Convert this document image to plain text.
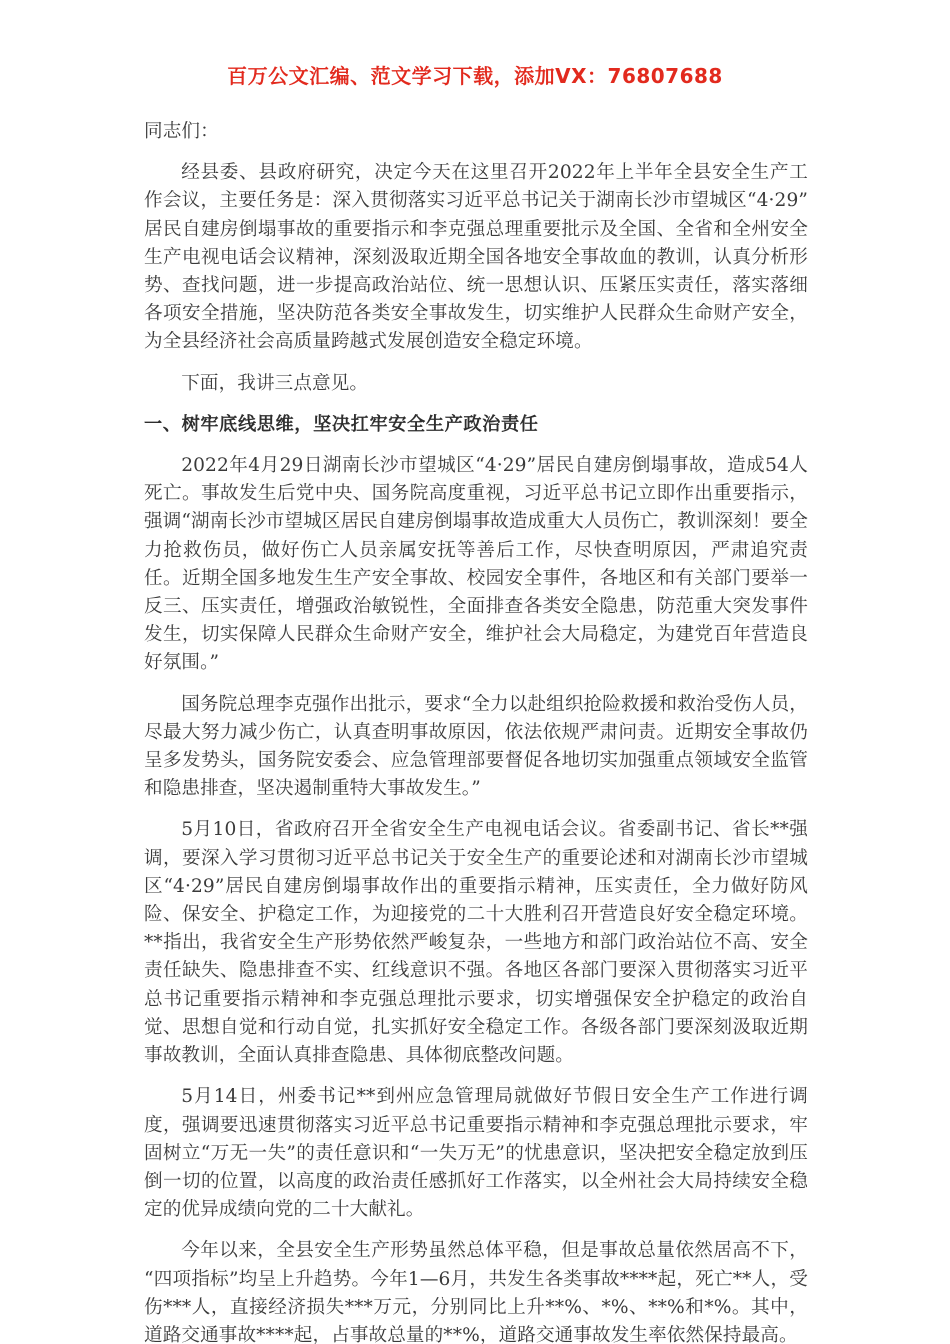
百万公文汇编、范文学习下载，添加VX：76807688

同志们：

经县委、县政府研究，决定今天在这里召开2022年上半年全县安全生产工作会议，主要任务是：深入贯彻落实习近平总书记关于湖南长沙市望城区“4·29”居民自建房倒塌事故的重要指示和李克强总理重要批示及全国、全省和全州安全生产电视电话会议精神，深刻汲取近期全国各地安全事故血的教训，认真分析形势、查找问题，进一步提高政治站位、统一思想认识、压紧压实责任，落实落细各项安全措施，坚决防范各类安全事故发生，切实维护人民群众生命财产安全，为全县经济社会高质量跨越式发展创造安全稳定环境。

下面，我讲三点意见。

一、树牢底线思维，坚决扛牢安全生产政治责任

2022年4月29日湖南长沙市望城区“4·29”居民自建房倒塌事故，造成54人死亡。事故发生后党中央、国务院高度重视，习近平总书记立即作出重要指示，强调“湖南长沙市望城区居民自建房倒塌事故造成重大人员伤亡，教训深刻！要全力抢救伤员，做好伤亡人员亲属安抚等善后工作，尽快查明原因，严肃追究责任。近期全国多地发生生产安全事故、校园安全事件，各地区和有关部门要举一反三、压实责任，增强政治敏锐性，全面排查各类安全隐患，防范重大突发事件发生，切实保障人民群众生命财产安全，维护社会大局稳定，为建党百年营造良好氛围。”

国务院总理李克强作出批示，要求“全力以赴组织抢险救援和救治受伤人员，尽最大努力减少伤亡，认真查明事故原因，依法依规严肃问责。近期安全事故仍呈多发势头，国务院安委会、应急管理部要督促各地切实加强重点领域安全监管和隐患排查，坚决遏制重特大事故发生。”

5月10日，省政府召开全省安全生产电视电话会议。省委副书记、省长**强调，要深入学习贯彻习近平总书记关于安全生产的重要论述和对湖南长沙市望城区“4·29”居民自建房倒塌事故作出的重要指示精神，压实责任，全力做好防风险、保安全、护稳定工作，为迎接党的二十大胜利召开营造良好安全稳定环境。**指出，我省安全生产形势依然严峻复杂，一些地方和部门政治站位不高、安全责任缺失、隐患排查不实、红线意识不强。各地区各部门要深入贯彻落实习近平总书记重要指示精神和李克强总理批示要求，切实增强保安全护稳定的政治自觉、思想自觉和行动自觉，扎实抓好安全稳定工作。各级各部门要深刻汲取近期事故教训，全面认真排查隐患、具体彻底整改问题。

5月14日，州委书记**到州应急管理局就做好节假日安全生产工作进行调度，强调要迅速贯彻落实习近平总书记重要指示精神和李克强总理批示要求，牢固树立“万无一失”的责任意识和“一失万无”的忧患意识，坚决把安全稳定放到压倒一切的位置，以高度的政治责任感抓好工作落实，以全州社会大局持续安全稳定的优异成绩向党的二十大献礼。

今年以来，全县安全生产形势虽然总体平稳，但是事故总量依然居高不下，“四项指标”均呈上升趋势。今年1—6月，共发生各类事故****起，死亡**人，受伤***人，直接经济损失***万元，分别同比上升**%、*%、**%和*%。其中，道路交通事故****起，占事故总量的**%，道路交通事故发生率依然保持最高。
